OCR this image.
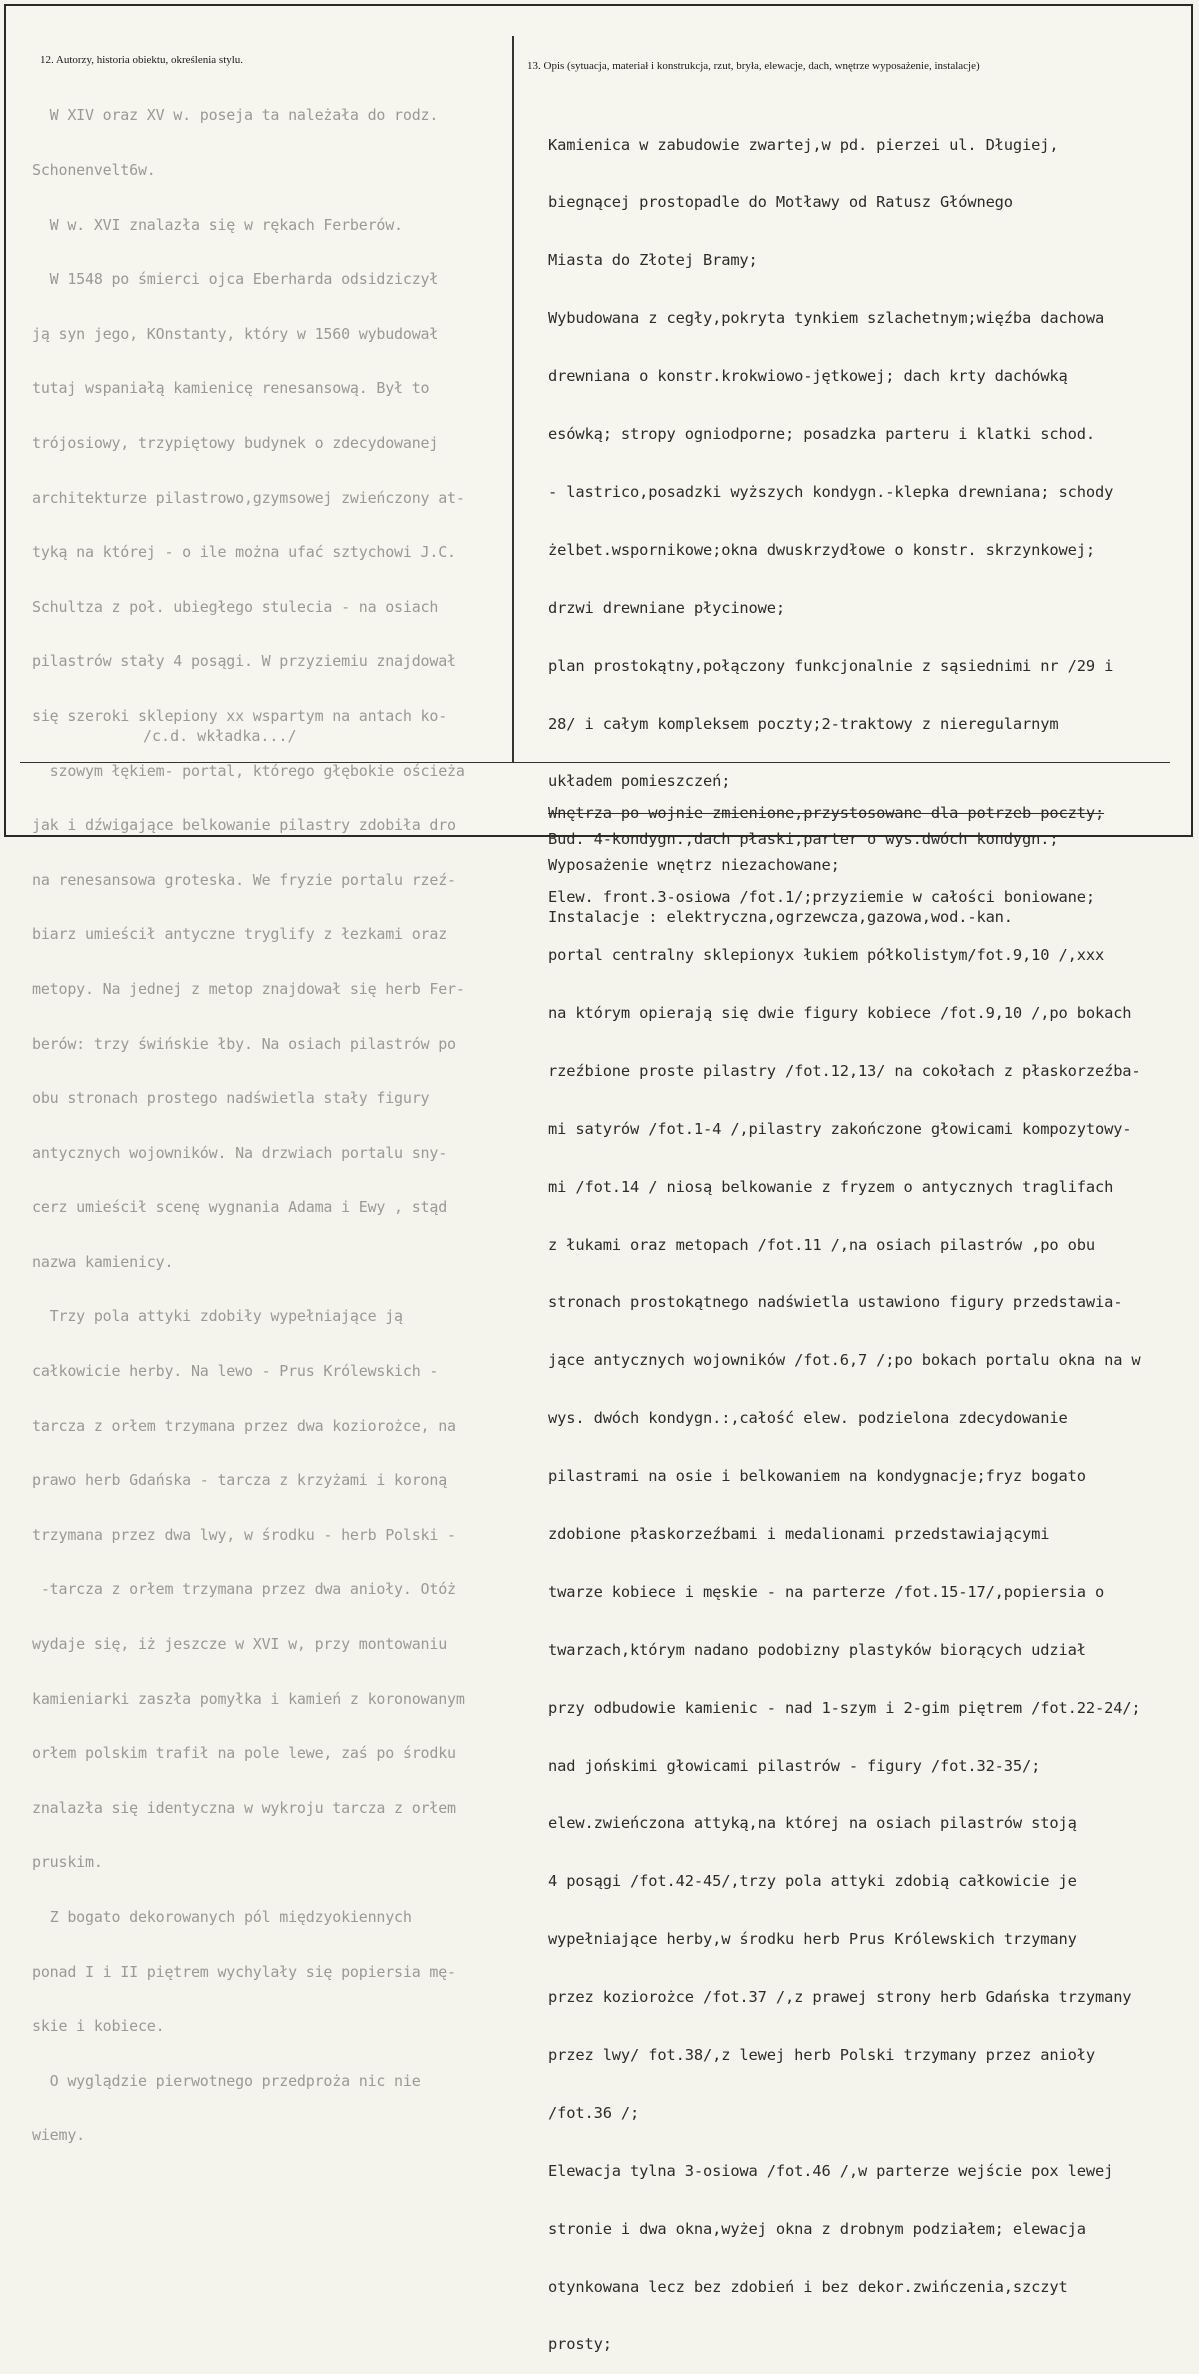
12. Autorzy, historia obiektu, określenia stylu.	13. Opis (sytuacja, materiał i konstrukcja, rzut, bryła, elewacje, dach, wnętrze wyposażenie, instalacje)

W XIV oraz XV w. poseja ta należała do rodz.

Schonenvelt6w.

W w. XVI znalazła się w rękach Ferberów.

W 1548 po śmierci ojca Eberharda odsidziczył

ją syn jego, KOnstanty, który w 1560 wybudował

tutaj wspaniałą kamienicę renesansową. Był to

trójosiowy, trzypiętowy budynek o zdecydowanej

architekturze pilastrowo,gzymsowej zwieńczony at-

tyką na której - o ile można ufać sztychowi J.C.

Schultza z poł. ubiegłego stulecia - na osiach

pilastrów stały 4 posągi. W przyziemiu znajdował

się szeroki sklepiony xx wspartym na antach ko-

szowym łękiem- portal, którego głębokie ościeża

jak i dźwigające belkowanie pilastry zdobiła dro

na renesansowa groteska. We fryzie portalu rzeź-

biarz umieścił antyczne tryglify z łezkami oraz

metopy. Na jednej z metop znajdował się herb Fer-

berów: trzy świńskie łby. Na osiach pilastrów po

obu stronach prostego nadświetla stały figury

antycznych wojowników. Na drzwiach portalu sny-

cerz umieścił scenę wygnania Adama i Ewy , stąd

nazwa kamienicy.

Trzy pola attyki zdobiły wypełniające ją

całkowicie herby. Na lewo - Prus Królewskich -

tarcza z orłem trzymana przez dwa koziorożce, na

prawo herb Gdańska - tarcza z krzyżami i koroną

trzymana przez dwa lwy, w środku - herb Polski -

-tarcza z orłem trzymana przez dwa anioły. Otóż

wydaje się, iż jeszcze w XVI w, przy montowaniu

kamieniarki zaszła pomyłka i kamień z koronowanym

orłem polskim trafił na pole lewe, zaś po środku

znalazła się identyczna w wykroju tarcza z orłem

pruskim.

Z bogato dekorowanych pól międzyokiennych

ponad I i II piętrem wychylały się popiersia mę-

skie i kobiece.

O wyglądzie pierwotnego przedproża nic nie

wiemy.

/c.d. wkładka.../

Kamienica w zabudowie zwartej,w pd. pierzei ul. Długiej,

biegnącej prostopadle do Motławy od Ratusz Głównego

Miasta do Złotej Bramy;

Wybudowana z cegły,pokryta tynkiem szlachetnym;więźba dachowa

drewniana o konstr.krokwiowo-jętkowej; dach krty dachówką

esówką; stropy ogniodporne; posadzka parteru i klatki schod.

- lastrico,posadzki wyższych kondygn.-klepka drewniana; schody

żelbet.wspornikowe;okna dwuskrzydłowe o konstr. skrzynkowej;

drzwi drewniane płycinowe;

plan prostokątny,połączony funkcjonalnie z sąsiednimi nr /29 i

28/ i całym kompleksem poczty;2-traktowy z nieregularnym

układem pomieszczeń;

Bud. 4-kondygn.,dach płaski,parter o wys.dwóch kondygn.;

Elew. front.3-osiowa /fot.1/;przyziemie w całości boniowane;

portal centralny sklepionyx łukiem półkolistym/fot.9,10 /,xxx

na którym opierają się dwie figury kobiece /fot.9,10 /,po bokach

rzeźbione proste pilastry /fot.12,13/ na cokołach z płaskorzeźba-

mi satyrów /fot.1-4 /,pilastry zakończone głowicami kompozytowy-

mi /fot.14 / niosą belkowanie z fryzem o antycznych traglifach

z łukami oraz metopach /fot.11 /,na osiach pilastrów ,po obu

stronach prostokątnego nadświetla ustawiono figury przedstawia-

jące antycznych wojowników /fot.6,7 /;po bokach portalu okna na w

wys. dwóch kondygn.:,całość elew. podzielona zdecydowanie

pilastrami na osie i belkowaniem na kondygnacje;fryz bogato

zdobione płaskorzeźbami i medalionami przedstawiającymi

twarze kobiece i męskie - na parterze /fot.15-17/,popiersia o

twarzach,którym nadano podobizny plastyków biorących udział

przy odbudowie kamienic - nad 1-szym i 2-gim piętrem /fot.22-24/;

nad jońskimi głowicami pilastrów - figury /fot.32-35/;

elew.zwieńczona attyką,na której na osiach pilastrów stoją

4 posągi /fot.42-45/,trzy pola attyki zdobią całkowicie je

wypełniające herby,w środku herb Prus Królewskich trzymany

przez koziorożce /fot.37 /,z prawej strony herb Gdańska trzymany

przez lwy/ fot.38/,z lewej herb Polski trzymany przez anioły

/fot.36 /;

Elewacja tylna 3-osiowa /fot.46 /,w parterze wejście pox lewej

stronie i dwa okna,wyżej okna z drobnym podziałem; elewacja

otynkowana lecz bez zdobień i bez dekor.zwińczenia,szczyt

prosty;

Wnętrza po wojnie zmienione,przystosowane dla potrzeb poczty;

Wyposażenie wnętrz niezachowane;

Instalacje : elektryczna,ogrzewcza,gazowa,wod.-kan.
